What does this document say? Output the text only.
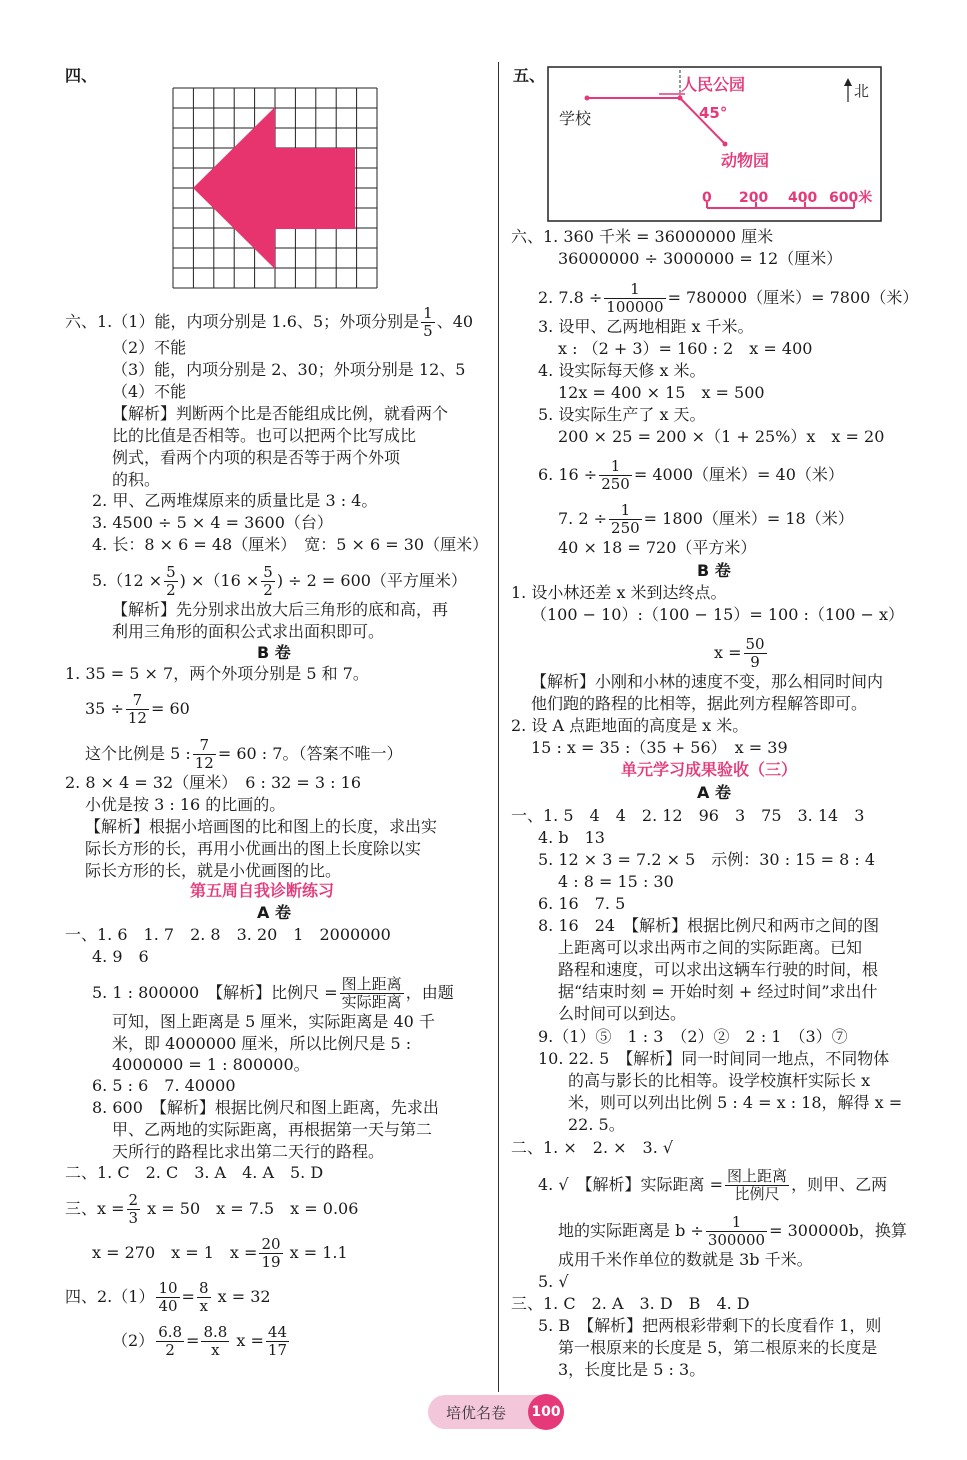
四、
六、1.（1）能，内项分别是 1.6、5；外项分别是 $\frac{1}{5}$ 、40
（2）不能
（3）能，内项分别是 2、30；外项分别是 12、5
（4）不能
【解析】判断两个比是否能组成比例，就看两个
比的比值是否相等。也可以把两个比写成比
例式，看两个内项的积是否等于两个外项
的积。
2. 甲、乙两堆煤原来的质量比是 3 : 4。
3. 4500 ÷ 5 × 4 = 3600（台）
4. 长：8 × 6 = 48（厘米）　宽：5 × 6 = 30（厘米）
$5.(12 \times \frac{5}{2}$ ) $\times(16 \times \frac{5}{2}$ ) ÷ 2 = 600（平方厘米）
【解析】先分别求出放大后三角形的底和高，再
利用三角形的面积公式求出面积即可。
B 卷
1. 35 = 5 × 7，两个外项分别是 5 和 7。
$35 \div \frac{7}{12} = 60$
这个比例是 5 : $\frac{7}{12} = 60$ : 7。（答案不唯一）
2. 8 × 4 = 32（厘米）　6 : 32 = 3 : 16
小优是按 3 : 16 的比画的。
【解析】根据小培画图的比和图上的长度，求出实
际长方形的长，再用小优画出的图上长度除以实
际长方形的长，就是小优画图的比。
第五周自我诊断练习
A 卷
一、1. 6　1. 7　2. 8　3. 20　1　2000000
4. 9　6
5. 1 : 800000　【解析】比例尺 = 图上距离
实际距离 ，由题
可知，图上距离是 5 厘米，实际距离是 40 千
米，即 4000000 厘米，所以比例尺是 5 :
4000000 = 1 : 800000。
6. 5 : 6　7. 40000
8. 600　【解析】根据比例尺和图上距离，先求出
甲、乙两地的实际距离，再根据第一天与第二
天所行的路程比求出第二天行的路程。
二、1. C　2. C　3. A　4. A　5. D
三、$x = \frac{2}{3}$ x = 50　x = 7.5　x = 0.06
x = 270　x = 1　$x = \frac{20}{19}$ x = 1.1
四、$2.(1) \frac{10}{40} = \frac{8}{x}$ x = 32
$(2) \frac{6.8}{2} = \frac{8.8}{x}$ $x = \frac{44}{17}$
五、	人民公园
45°
学校
动物园
北
0 200 400 600米
六、1. 360 千米 = 36000000 厘米
36000000 ÷ 3000000 = 12（厘米）
2. $7.8 \div \frac{1}{100000} = 780000$（厘米）= 7800（米）
3. 设甲、乙两地相距 x 千米。
x : （2 + 3）= 160 : 2　x = 400
4. 设实际每天修 x 米。
12x = 400 × 15　x = 500
5. 设实际生产了 x 天。
200 × 25 = 200 ×（1 + 25%）x　x = 20
6. $16 \div \frac{1}{250} = 4000$（厘米）= 40（米）
7. $2 \div \frac{1}{250} = 1800$（厘米）= 18（米）
40 × 18 = 720（平方米）
B 卷
1. 设小林还差 x 米到达终点。
（100 − 10）:（100 − 15）= 100 :（100 − x）
$x = \frac{50}{9}$
【解析】小刚和小林的速度不变，那么相同时间内
他们跑的路程的比相等，据此列方程解答即可。
2. 设 A 点距地面的高度是 x 米。
15 : x = 35 :（35 + 56）　x = 39
单元学习成果验收（三）
A 卷
一、1. 5　4　4　2. 12　96　3　75　3. 14　3
4. b　13
5. 12 × 3 = 7.2 × 5　示例：30 : 15 = 8 : 4
4 : 8 = 15 : 30
6. 16　7. 5
8. 16　24　【解析】根据比例尺和两市之间的图
上距离可以求出两市之间的实际距离。已知
路程和速度，可以求出这辆车行驶的时间，根
据“结束时刻 = 开始时刻 + 经过时间”求出什
么时间可以到达。
9.（1）⑤　1 : 3　（2）②　2 : 1　（3）⑦
10. 22. 5　【解析】同一时间同一地点，不同物体
的高与影长的比相等。设学校旗杆实际长 x
米，则可以列出比例 5 : 4 = x : 18，解得 x =
22. 5。
二、1. ×　2. ×　3. √
4. √　【解析】实际距离 = 图上距离
比例尺 ，则甲、乙两
地的实际距离是 $b \div \frac{1}{300000} = 300000b$，换算
成用千米作单位的数就是 3b 千米。
5. √
三、1. C　2. A　3. D　B　4. D
5. B　【解析】把两根彩带剩下的长度看作 1，则
第一根原来的长度是 5，第二根原来的长度是
3，长度比是 5 : 3。
培优名卷 100
